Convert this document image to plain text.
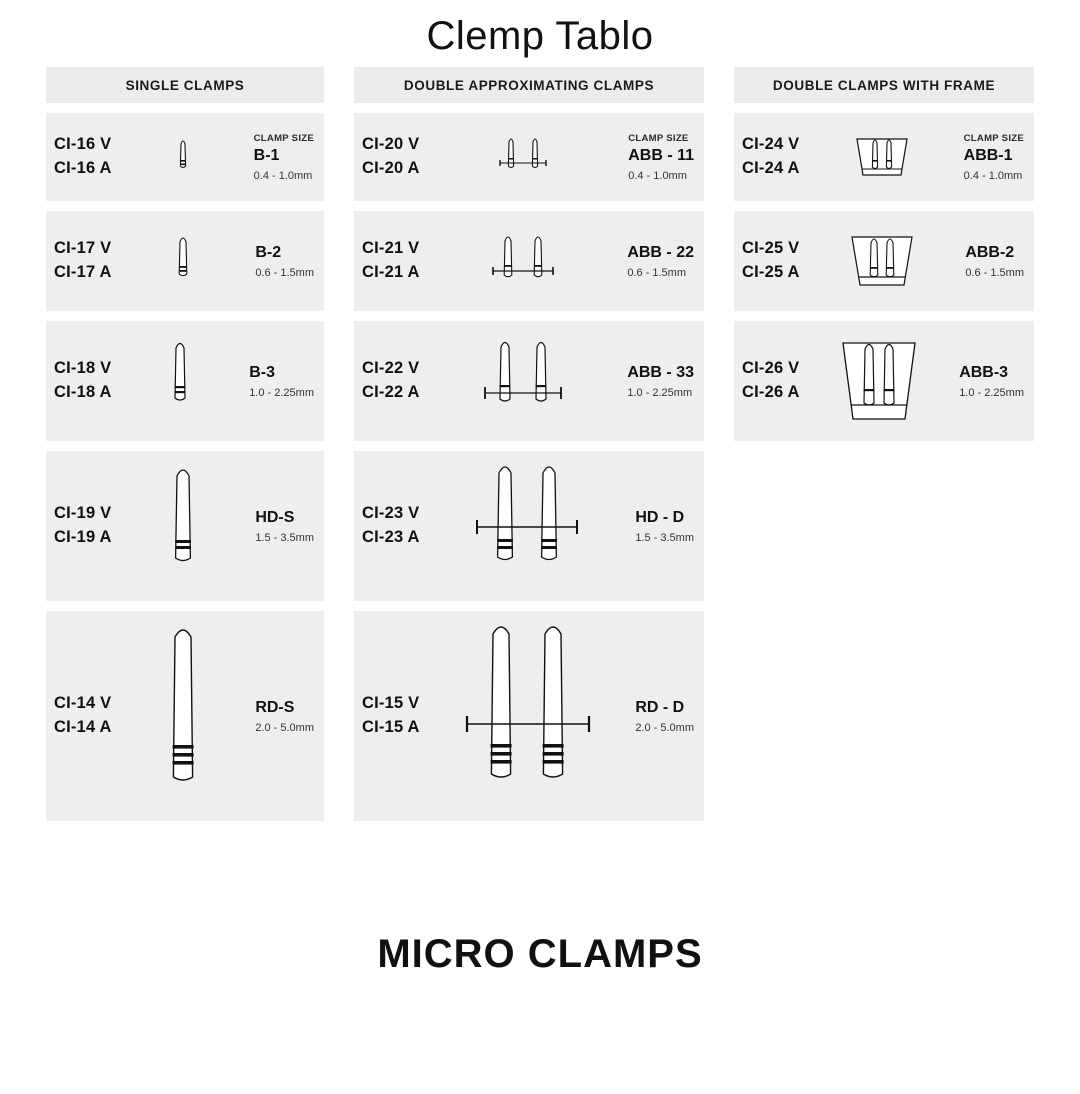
Clemp Tablo
SINGLE CLAMPS
CI-16 V
CI-16 A
CLAMP SIZE
B-1
0.4 - 1.0mm
CI-17 V
CI-17 A
B-2
0.6 - 1.5mm
CI-18 V
CI-18 A
B-3
1.0 - 2.25mm
CI-19 V
CI-19 A
HD-S
1.5 - 3.5mm
CI-14 V
CI-14 A
RD-S
2.0 - 5.0mm
DOUBLE APPROXIMATING CLAMPS
CI-20 V
CI-20 A
CLAMP SIZE
ABB - 11
0.4 - 1.0mm
CI-21 V
CI-21 A
ABB - 22
0.6 - 1.5mm
CI-22 V
CI-22 A
ABB - 33
1.0 - 2.25mm
CI-23 V
CI-23 A
HD - D
1.5 - 3.5mm
CI-15 V
CI-15 A
RD - D
2.0 - 5.0mm
DOUBLE CLAMPS WITH FRAME
CI-24 V
CI-24 A
CLAMP SIZE
ABB-1
0.4 - 1.0mm
CI-25 V
CI-25 A
ABB-2
0.6 - 1.5mm
CI-26 V
CI-26 A
ABB-3
1.0 - 2.25mm
MICRO CLAMPS
